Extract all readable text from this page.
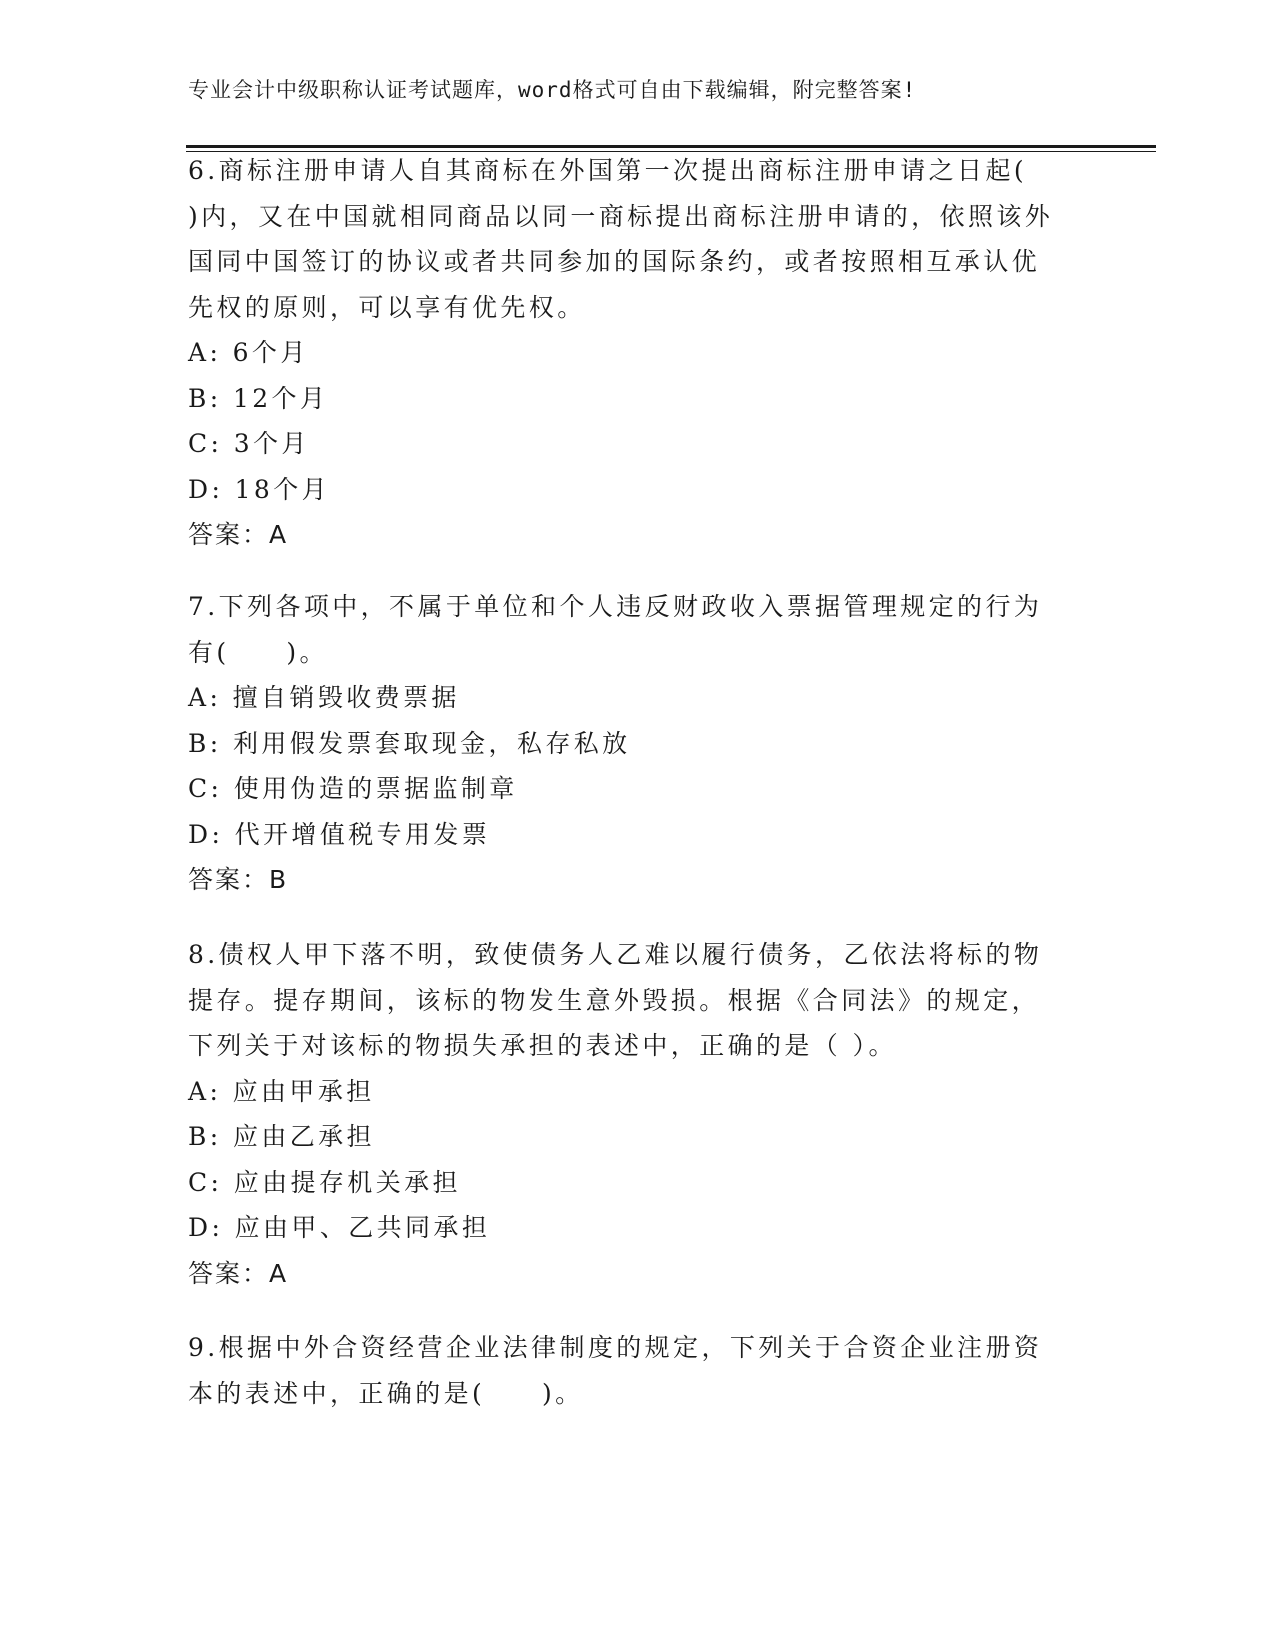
专业会计中级职称认证考试题库，word格式可自由下载编辑，附完整答案!
6.商标注册申请人自其商标在外国第一次提出商标注册申请之日起(
)内，又在中国就相同商品以同一商标提出商标注册申请的，依照该外
国同中国签订的协议或者共同参加的国际条约，或者按照相互承认优
先权的原则，可以享有优先权。
A: 6个月
B: 12个月
C: 3个月
D: 18个月
答案：A
7.下列各项中，不属于单位和个人违反财政收入票据管理规定的行为
有(　　)。
A: 擅自销毁收费票据
B: 利用假发票套取现金，私存私放
C: 使用伪造的票据监制章
D: 代开增值税专用发票
答案：B
8.债权人甲下落不明，致使债务人乙难以履行债务，乙依法将标的物
提存。提存期间，该标的物发生意外毁损。根据《合同法》的规定，
下列关于对该标的物损失承担的表述中，正确的是（ ）。
A: 应由甲承担
B: 应由乙承担
C: 应由提存机关承担
D: 应由甲、乙共同承担
答案：A
9.根据中外合资经营企业法律制度的规定，下列关于合资企业注册资
本的表述中，正确的是(　　)。
